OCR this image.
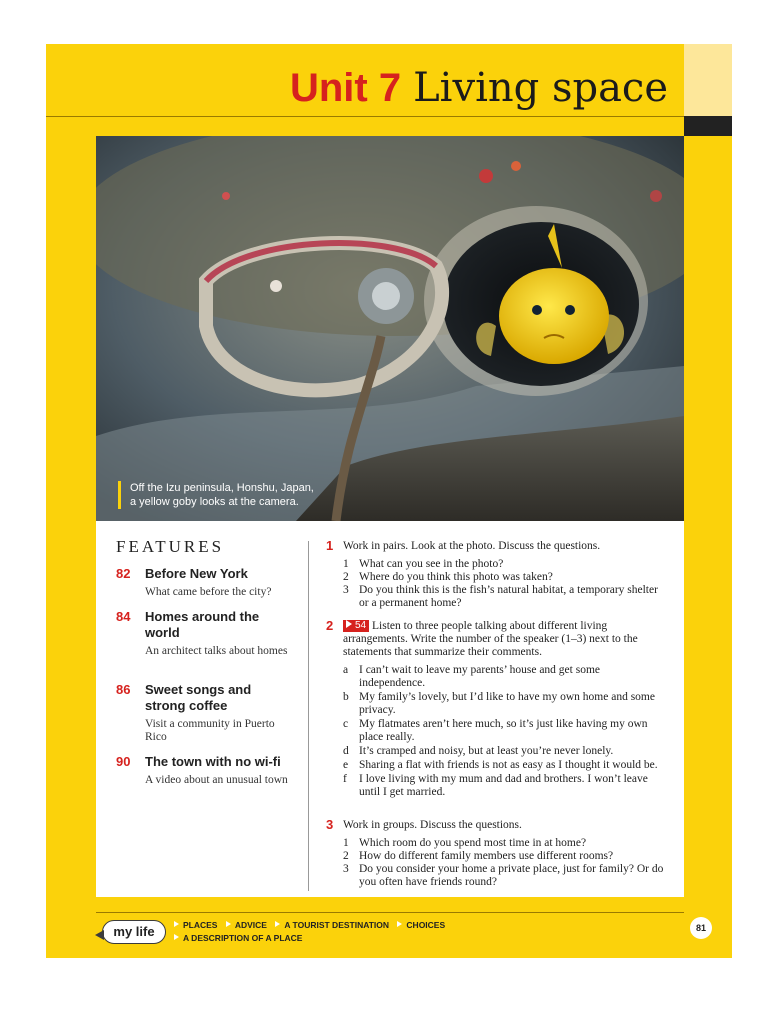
Unit 7 Living space
Off the Izu peninsula, Honshu, Japan,
a yellow goby looks at the camera.
FEATURES
82 Before New York
What came before the city?
84 Homes around the world
An architect talks about homes
86 Sweet songs and strong coffee
Visit a community in Puerto Rico
90 The town with no wi-fi
A video about an unusual town
1 Work in pairs. Look at the photo. Discuss the questions.
1 What can you see in the photo?
2 Where do you think this photo was taken?
3 Do you think this is the fish’s natural habitat, a temporary shelter or a permanent home?
2	54 Listen to three people talking about different living arrangements. Write the number of the speaker (1–3) next to the statements that summarize their comments.
a I can’t wait to leave my parents’ house and get some independence.
b My family’s lovely, but I’d like to have my own home and some privacy.
c My flatmates aren’t here much, so it’s just like having my own place really.
d It’s cramped and noisy, but at least you’re never lonely.
e Sharing a flat with friends is not as easy as I thought it would be.
f I love living with my mum and dad and brothers. I won’t leave until I get married.
3 Work in groups. Discuss the questions.
1 Which room do you spend most time in at home?
2 How do different family members use different rooms?
3 Do you consider your home a private place, just for family? Or do you often have friends round?
my life	PLACES ADVICE A TOURIST DESTINATION CHOICES
A DESCRIPTION OF A PLACE
81
